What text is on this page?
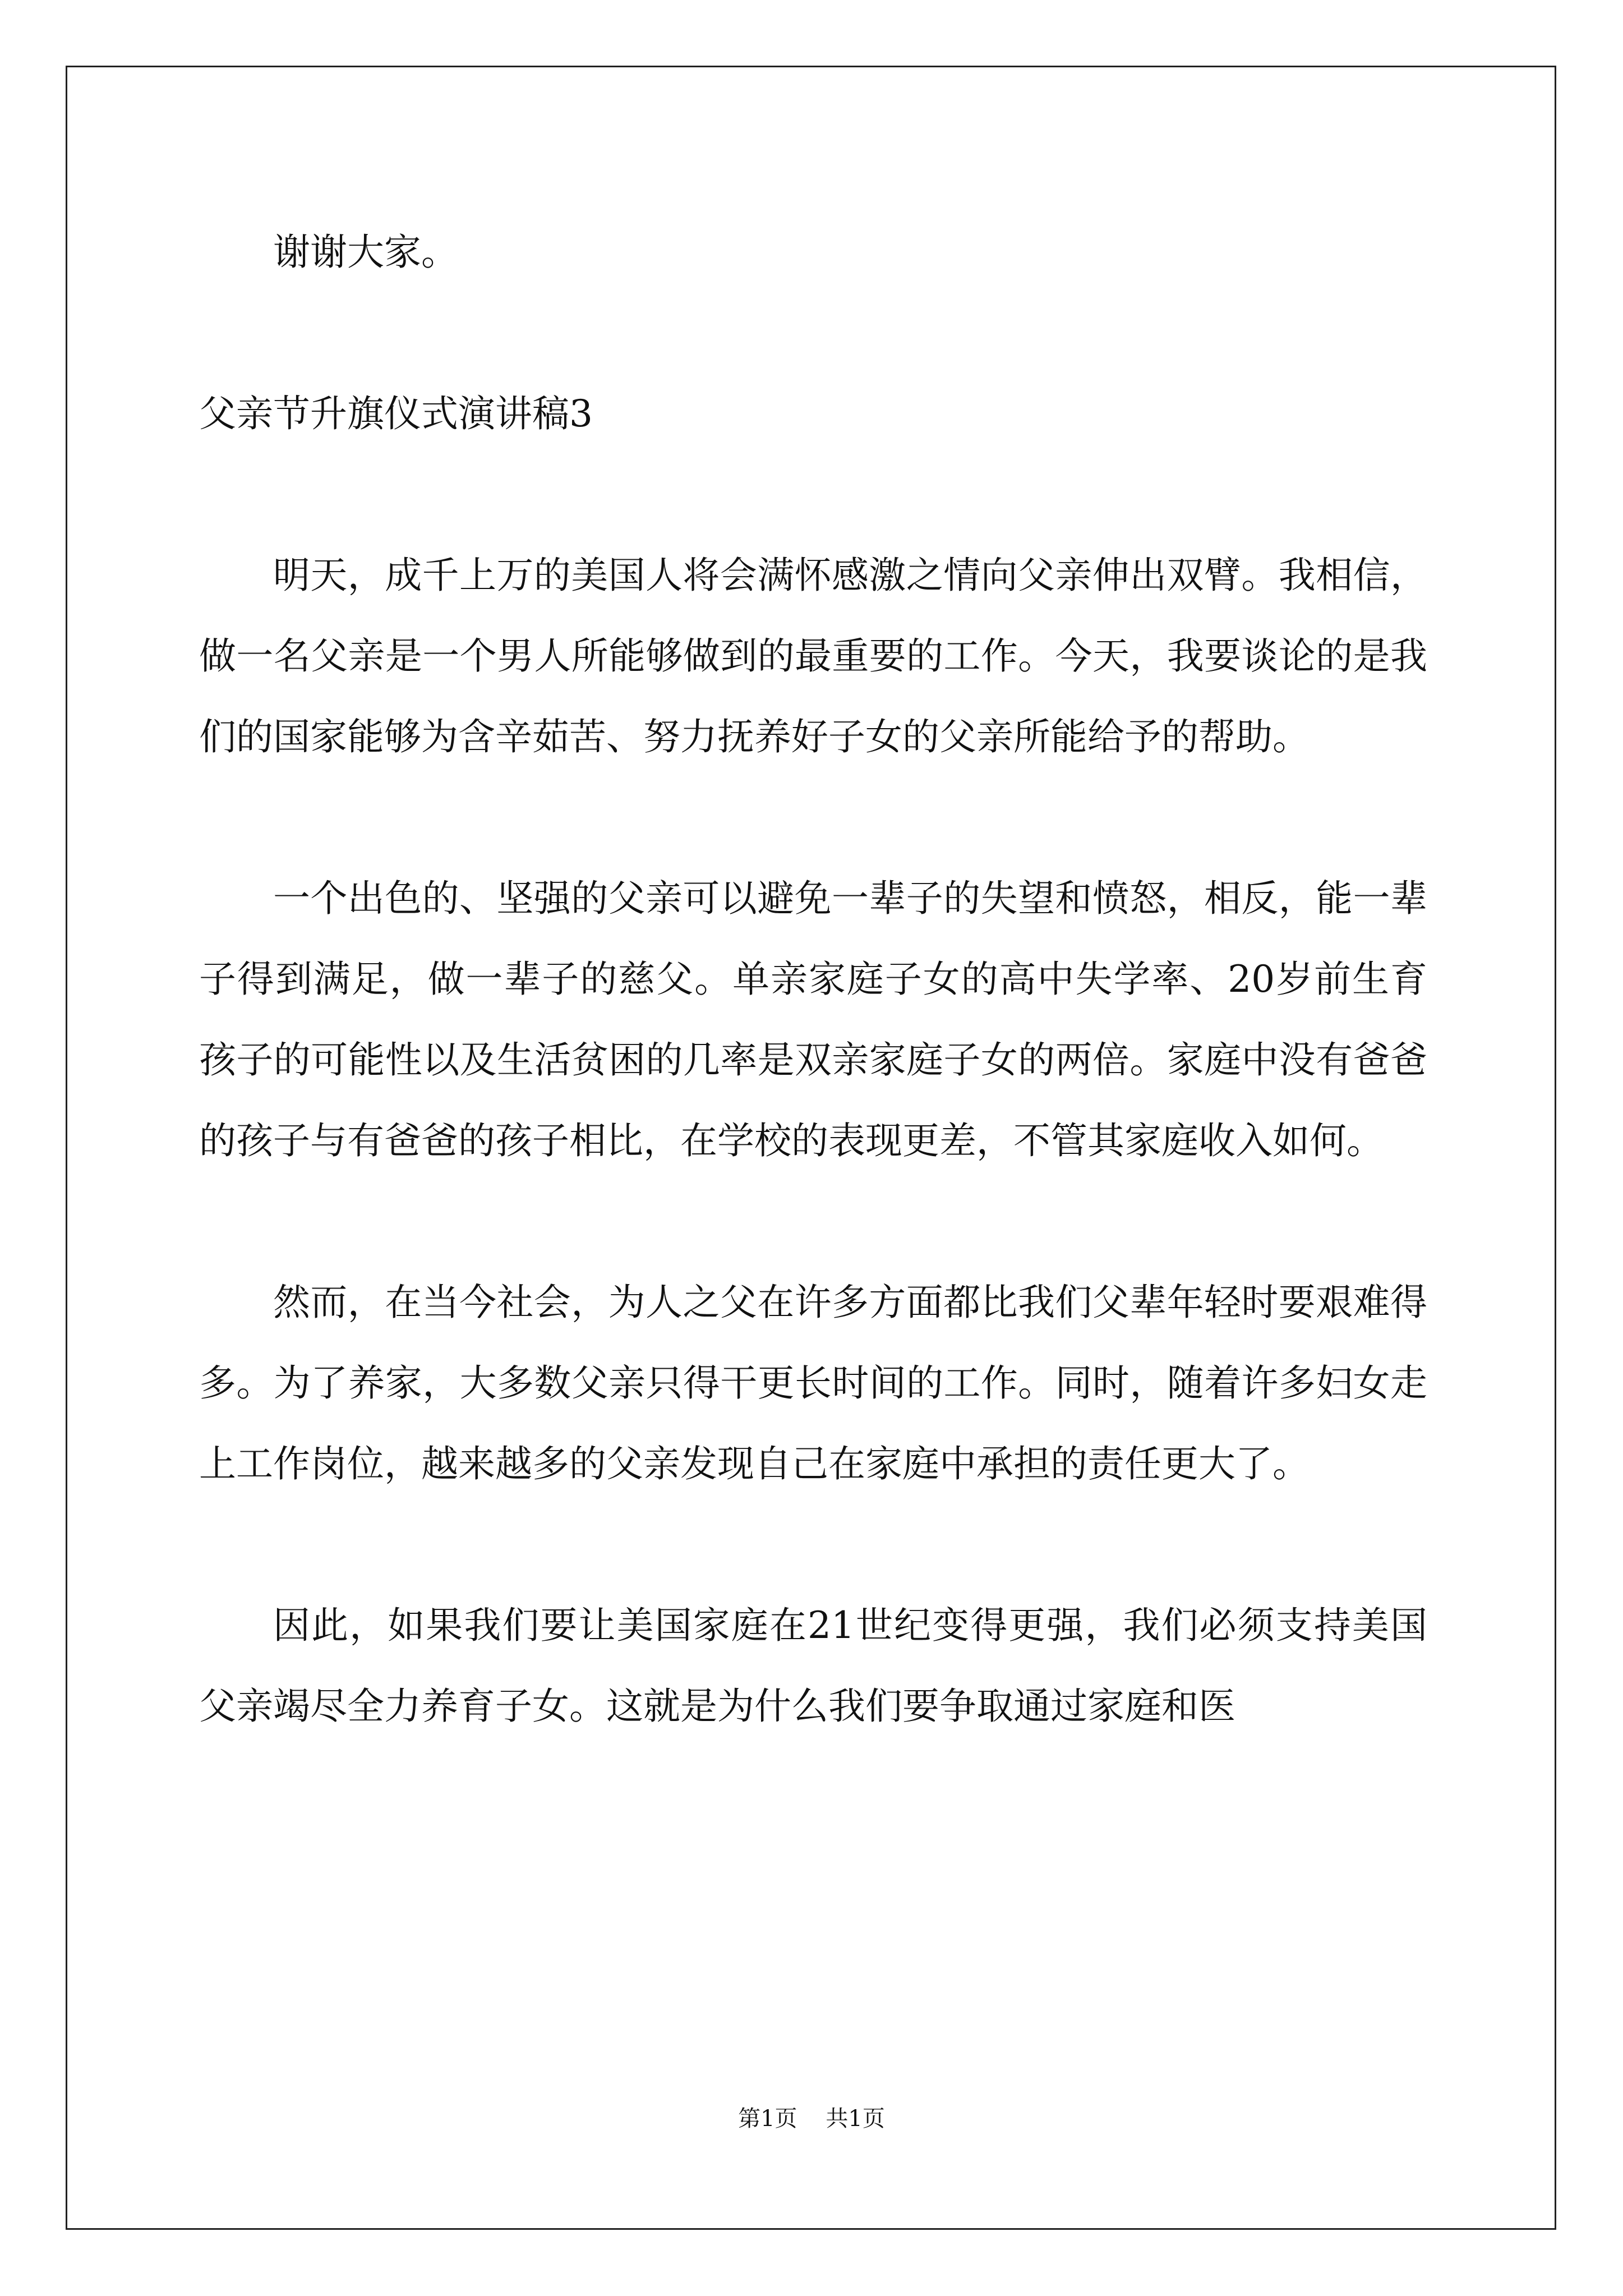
谢谢大家。

父亲节升旗仪式演讲稿3

明天，成千上万的美国人将会满怀感激之情向父亲伸出双臂。我相信，做一名父亲是一个男人所能够做到的最重要的工作。今天，我要谈论的是我们的国家能够为含辛茹苦、努力抚养好子女的父亲所能给予的帮助。

一个出色的、坚强的父亲可以避免一辈子的失望和愤怒，相反，能一辈子得到满足，做一辈子的慈父。单亲家庭子女的高中失学率、20岁前生育孩子的可能性以及生活贫困的几率是双亲家庭子女的两倍。家庭中没有爸爸的孩子与有爸爸的孩子相比，在学校的表现更差，不管其家庭收入如何。

然而，在当今社会，为人之父在许多方面都比我们父辈年轻时要艰难得多。为了养家，大多数父亲只得干更长时间的工作。同时，随着许多妇女走上工作岗位，越来越多的父亲发现自己在家庭中承担的责任更大了。

因此，如果我们要让美国家庭在21世纪变得更强，我们必须支持美国父亲竭尽全力养育子女。这就是为什么我们要争取通过家庭和医

第1页 共1页
